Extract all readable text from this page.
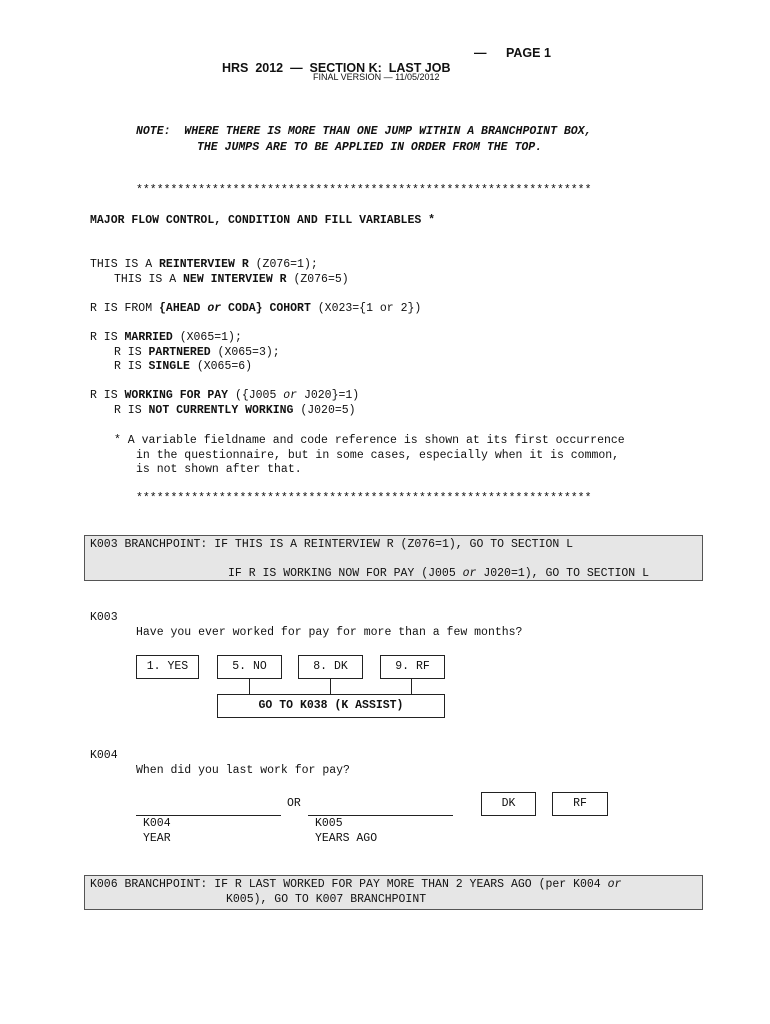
HRS 2012 — SECTION K:  LAST JOB
— PAGE 1
FINAL VERSION — 11/05/2012
NOTE:  WHERE THERE IS MORE THAN ONE JUMP WITHIN A BRANCHPOINT BOX,
THE JUMPS ARE TO BE APPLIED IN ORDER FROM THE TOP.
******************************************************************
MAJOR FLOW CONTROL, CONDITION AND FILL VARIABLES *
THIS IS A REINTERVIEW R (Z076=1);
THIS IS A NEW INTERVIEW R (Z076=5)
R IS FROM {AHEAD or CODA} COHORT (X023={1 or 2})
R IS MARRIED (X065=1);
R IS PARTNERED (X065=3);
R IS SINGLE (X065=6)
R IS WORKING FOR PAY ({J005 or J020}=1)
R IS NOT CURRENTLY WORKING (J020=5)
* A variable fieldname and code reference is shown at its first occurrence
in the questionnaire, but in some cases, especially when it is common,
is not shown after that.
******************************************************************
K003 BRANCHPOINT: IF THIS IS A REINTERVIEW R (Z076=1), GO TO SECTION L
IF R IS WORKING NOW FOR PAY (J005 or J020=1), GO TO SECTION L
K003
Have you ever worked for pay for more than a few months?
1. YES	5. NO	8. DK	9. RF
GO TO K038 (K ASSIST)
K004
When did you last work for pay?
OR	DK	RF
K004
YEAR
K005
YEARS AGO
K006 BRANCHPOINT: IF R LAST WORKED FOR PAY MORE THAN 2 YEARS AGO (per K004 or
K005), GO TO K007 BRANCHPOINT
